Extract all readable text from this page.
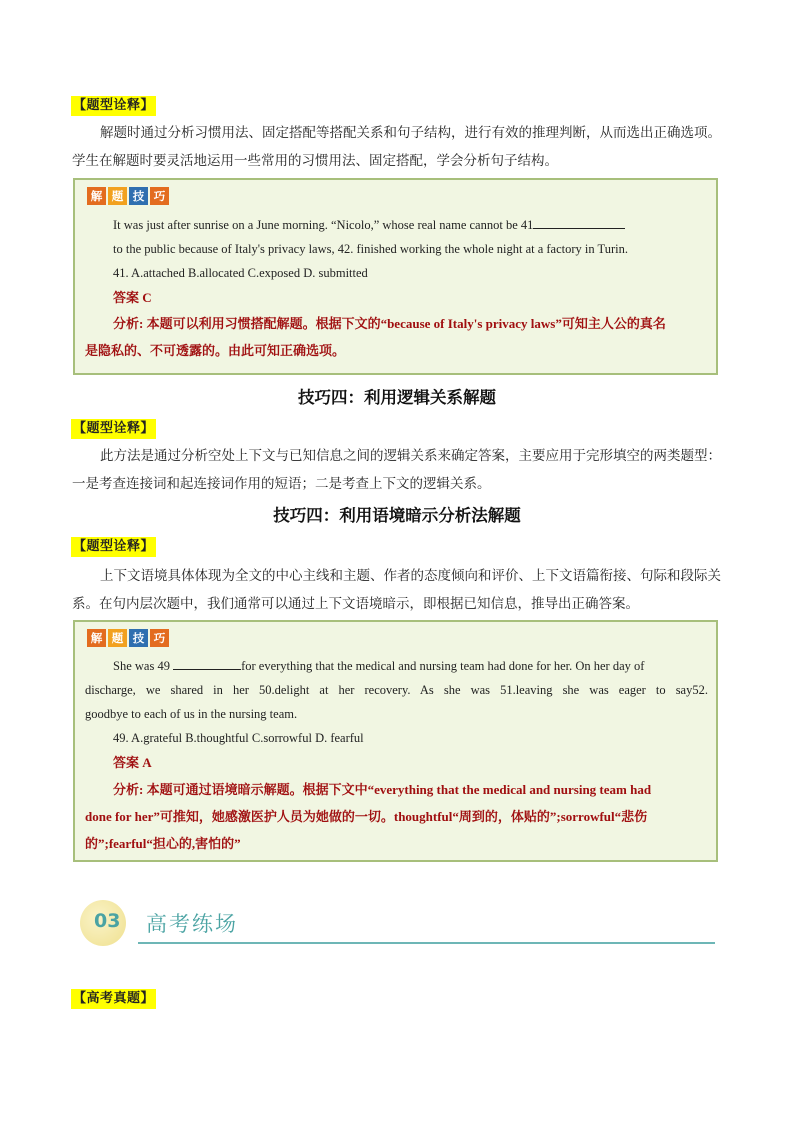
【题型诠释】

解题时通过分析习惯用法、固定搭配等搭配关系和句子结构，进行有效的推理判断，从而选出正确选项。学生在解题时要灵活地运用一些常用的习惯用法、固定搭配，学会分析句子结构。

解 题 技 巧

It was just after sunrise on a June morning. “Nicolo,” whose real name cannot be 41

to the public because of Italy's privacy laws, 42. finished working the whole night at a factory in Turin.

41. A.attached B.allocated C.exposed D. submitted

答案 C

分析: 本题可以利用习惯搭配解题。根据下文的“because of Italy's privacy laws”可知主人公的真名

是隐私的、不可透露的。由此可知正确选项。

技巧四：利用逻辑关系解题
【题型诠释】

此方法是通过分析空处上下文与已知信息之间的逻辑关系来确定答案，主要应用于完形填空的两类题型：一是考查连接词和起连接词作用的短语；二是考查上下文的逻辑关系。

技巧四：利用语境暗示分析法解题
【题型诠释】

上下文语境具体体现为全文的中心主线和主题、作者的态度倾向和评价、上下文语篇衔接、句际和段际关系。在句内层次题中，我们通常可以通过上下文语境暗示，即根据已知信息，推导出正确答案。

解 题 技 巧

She was 49	for everything that the medical and nursing team had done for her. On her day of

discharge, we shared in her 50.delight at her recovery. As she was 51.leaving she was eager to say52.

goodbye to each of us in the nursing team.

49. A.grateful B.thoughtful C.sorrowful D. fearful

答案 A

分析: 本题可通过语境暗示解题。根据下文中“everything that the medical and nursing team had

done for her”可推知，她感激医护人员为她做的一切。thoughtful“周到的，体贴的”;sorrowful“悲伤

的”;fearful“担心的,害怕的”

03 高考练场
【高考真题】
